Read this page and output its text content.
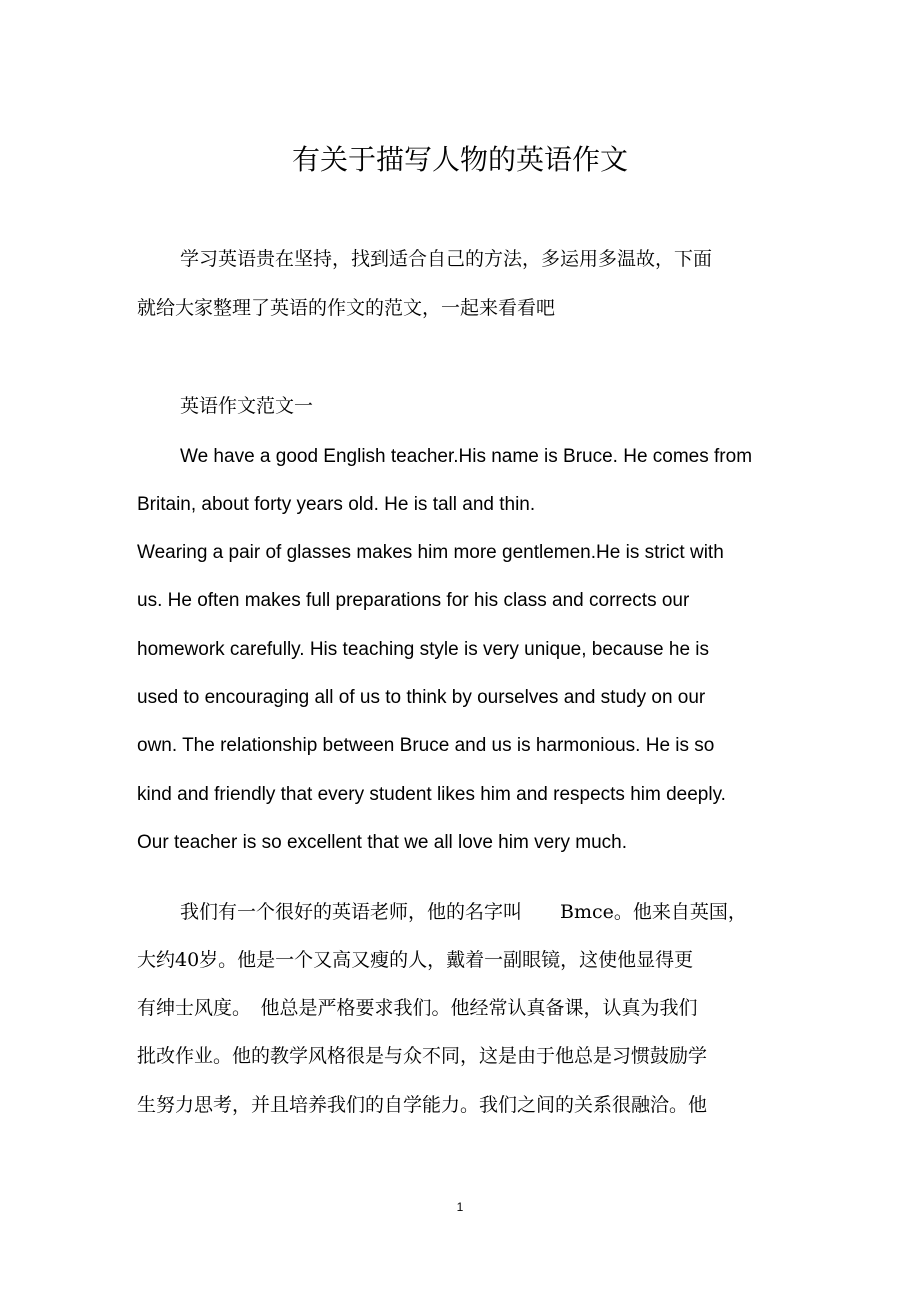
有关于描写人物的英语作文

学习英语贵在坚持，找到适合自己的方法，多运用多温故，下面

就给大家整理了英语的作文的范文，一起来看看吧

英语作文范文一

We have a good English teacher.His name is Bruce. He comes from

Britain, about forty years old. He is tall and thin.

Wearing a pair of glasses makes him more gentlemen.He is strict with

us. He often makes full preparations for his class and corrects our

homework carefully. His teaching style is very unique, because he is

used to encouraging all of us to think by ourselves and study on our

own. The relationship between Bruce and us is harmonious. He is so

kind and friendly that every student likes him and respects him deeply.

Our teacher is so excellent that we all love him very much.

我们有一个很好的英语老师，他的名字叫　　Bmce。他来自英国，

大约40岁。他是一个又高又瘦的人，戴着一副眼镜，这使他显得更

有绅士风度。　他总是严格要求我们。他经常认真备课，认真为我们

批改作业。他的教学风格很是与众不同，这是由于他总是习惯鼓励学

生努力思考，并且培养我们的自学能力。我们之间的关系很融洽。他

1
